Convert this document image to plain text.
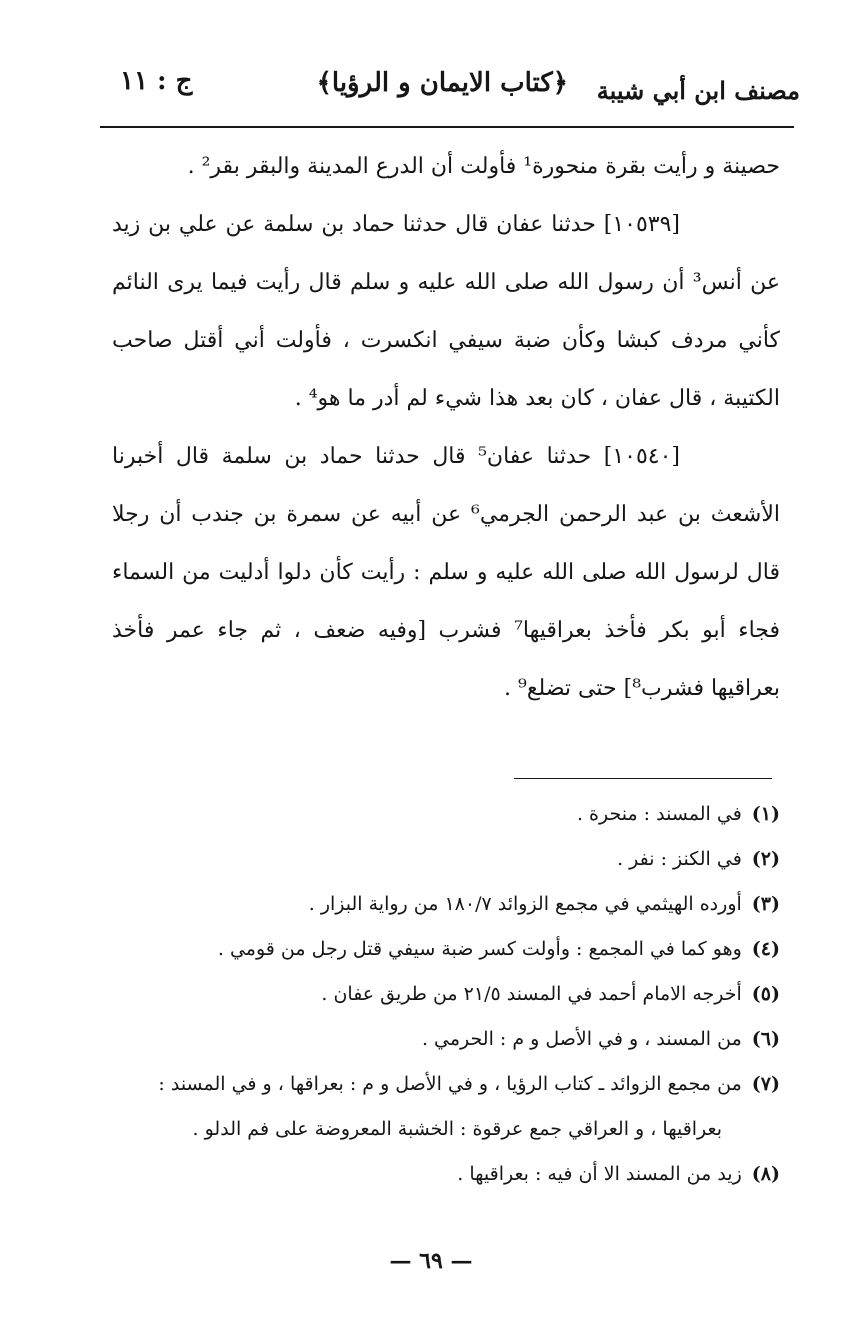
مصنف ابن أبي شيبة
﴿كتاب الايمان و الرؤيا﴾
ج : ١١

حصينة و رأيت بقرة منحورة¹ فأولت أن الدرع المدينة والبقر بقر² .

[١٠٥٣٩] حدثنا عفان قال حدثنا حماد بن سلمة عن علي بن زيد عن أنس³ أن رسول الله صلى الله عليه و سلم قال رأيت فيما يرى النائم كأني مردف كبشا وكأن ضبة سيفي انكسرت ، فأولت أني أقتل صاحب الكتيبة ، قال عفان ، كان بعد هذا شيء لم أدر ما هو⁴ .

[١٠٥٤٠] حدثنا عفان⁵ قال حدثنا حماد بن سلمة قال أخبرنا الأشعث بن عبد الرحمن الجرمي⁶ عن أبيه عن سمرة بن جندب أن رجلا قال لرسول الله صلى الله عليه و سلم : رأيت كأن دلوا أدليت من السماء فجاء أبو بكر فأخذ بعراقيها⁷ فشرب [وفيه ضعف ، ثم جاء عمر فأخذ بعراقيها فشرب⁸] حتى تضلع⁹ .

(١)في المسند : منحرة .
(٢)في الكنز : نفر .
(٣)أورده الهيثمي في مجمع الزوائد ١٨٠/٧ من رواية البزار .
(٤)وهو كما في المجمع : وأولت كسر ضبة سيفي قتل رجل من قومي .
(٥)أخرجه الامام أحمد في المسند ٢١/٥ من طريق عفان .
(٦)من المسند ، و في الأصل و م : الحرمي .
(٧)من مجمع الزوائد ـ كتاب الرؤيا ، و في الأصل و م : بعراقها ، و في المسند :
بعراقيها ، و العراقي جمع عرقوة : الخشبة المعروضة على فم الدلو .
(٨)زيد من المسند الا أن فيه : بعراقيها .
— ٦٩ —
